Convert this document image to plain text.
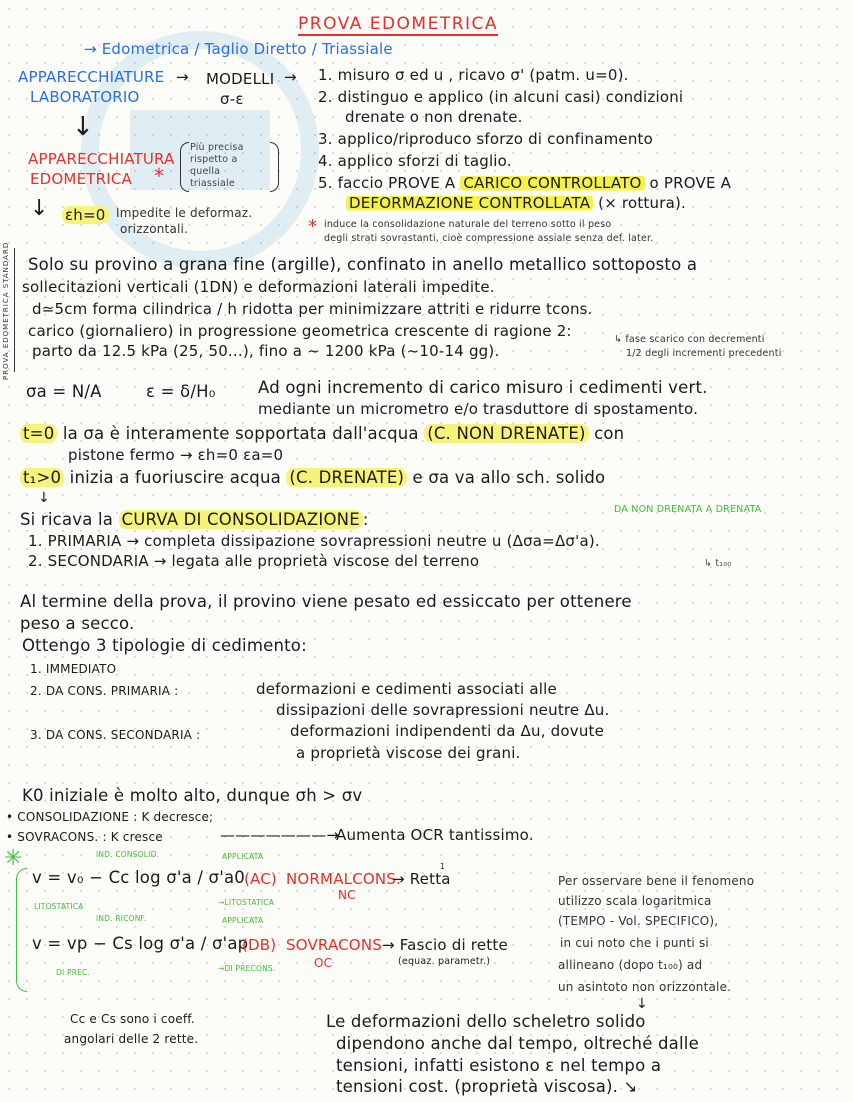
PROVA EDOMETRICA
→ Edometrica / Taglio Diretto / Triassiale
APPARECCHIATURE
LABORATORIO
→ MODELLI →
σ-ε
↓
1. misuro σ ed u , ricavo σ' (patm. u=0).
2. distinguo e applico (in alcuni casi) condizioni
drenate o non drenate.
3. applico/riproduco sforzo di confinamento
4. applico sforzi di taglio.
5. faccio PROVE A CARICO CONTROLLATO o PROVE A
DEFORMAZIONE CONTROLLATA (× rottura).
APPARECCHIATURA
EDOMETRICA *
Più precisa
rispetto a
quella
triassiale
↓ εh=0 Impedite le deformaz.
orizzontali.	* induce la consolidazione naturale del terreno sotto il peso
degli strati sovrastanti, cioè compressione assiale senza def. later.
PROVA EDOMETRICA STANDARD Solo su provino a grana fine (argille), confinato in anello metallico sottoposto a
sollecitazioni verticali (1DN) e deformazioni laterali impedite.
d≃5cm forma cilindrica / h ridotta per minimizzare attriti e ridurre tcons.
carico (giornaliero) in progressione geometrica crescente di ragione 2:
parto da 12.5 kPa (25, 50...), fino a ~ 1200 kPa (~10-14 gg).
↳ fase scarico con decrementi
1/2 degli incrementi precedenti
σa = N/A	ε = δ/H₀	Ad ogni incremento di carico misuro i cedimenti vert.
mediante un micrometro e/o trasduttore di spostamento.
t=0 la σa è interamente sopportata dall'acqua (C. NON DRENATE) con
pistone fermo → εh=0 εa=0
t₁>0 inizia a fuoriuscire acqua (C. DRENATE) e σa va allo sch. solido
↓
Si ricava la CURVA DI CONSOLIDAZIONE :
DA NON DRENATA A DRENATA
1. PRIMARIA → completa dissipazione sovrapressioni neutre u (Δσa=Δσ'a).
2. SECONDARIA → legata alle proprietà viscose del terreno	↳ t₁₀₀
Al termine della prova, il provino viene pesato ed essiccato per ottenere
peso a secco.
Ottengo 3 tipologie di cedimento:
1. IMMEDIATO
2. DA CONS. PRIMARIA :	deformazioni e cedimenti associati alle
dissipazioni delle sovrapressioni neutre Δu.
3. DA CONS. SECONDARIA :	deformazioni indipendenti da Δu, dovute
a proprietà viscose dei grani.
K0 iniziale è molto alto, dunque σh > σv
• CONSOLIDAZIONE : K decresce;
• SOVRACONS. : K cresce	———————→
Aumenta OCR tantissimo.
✳	IND. CONSOLID.	APPLICATA
v = v₀ − Cc log σ'a / σ'a0
→LITOSTATICA
LITOSTATICA
(AC) NORMALCONS.
NC
→ Retta
1
IND. RICONF.	APPLICATA
v = vp − Cs log σ'a / σ'ap
→DI PRECONS.
DI PREC.
(DB) SOVRACONS
OC
→ Fascio di rette
(equaz. parametr.)
Per osservare bene il fenomeno
utilizzo scala logaritmica
(TEMPO - Vol. SPECIFICO),
in cui noto che i punti si
allineano (dopo t₁₀₀) ad
un asintoto non orizzontale.
↓
Cc e Cs sono i coeff.
angolari delle 2 rette.
Le deformazioni dello scheletro solido
dipendono anche dal tempo, oltreché dalle
tensioni, infatti esistono ε nel tempo a
tensioni cost. (proprietà viscosa). ↘
